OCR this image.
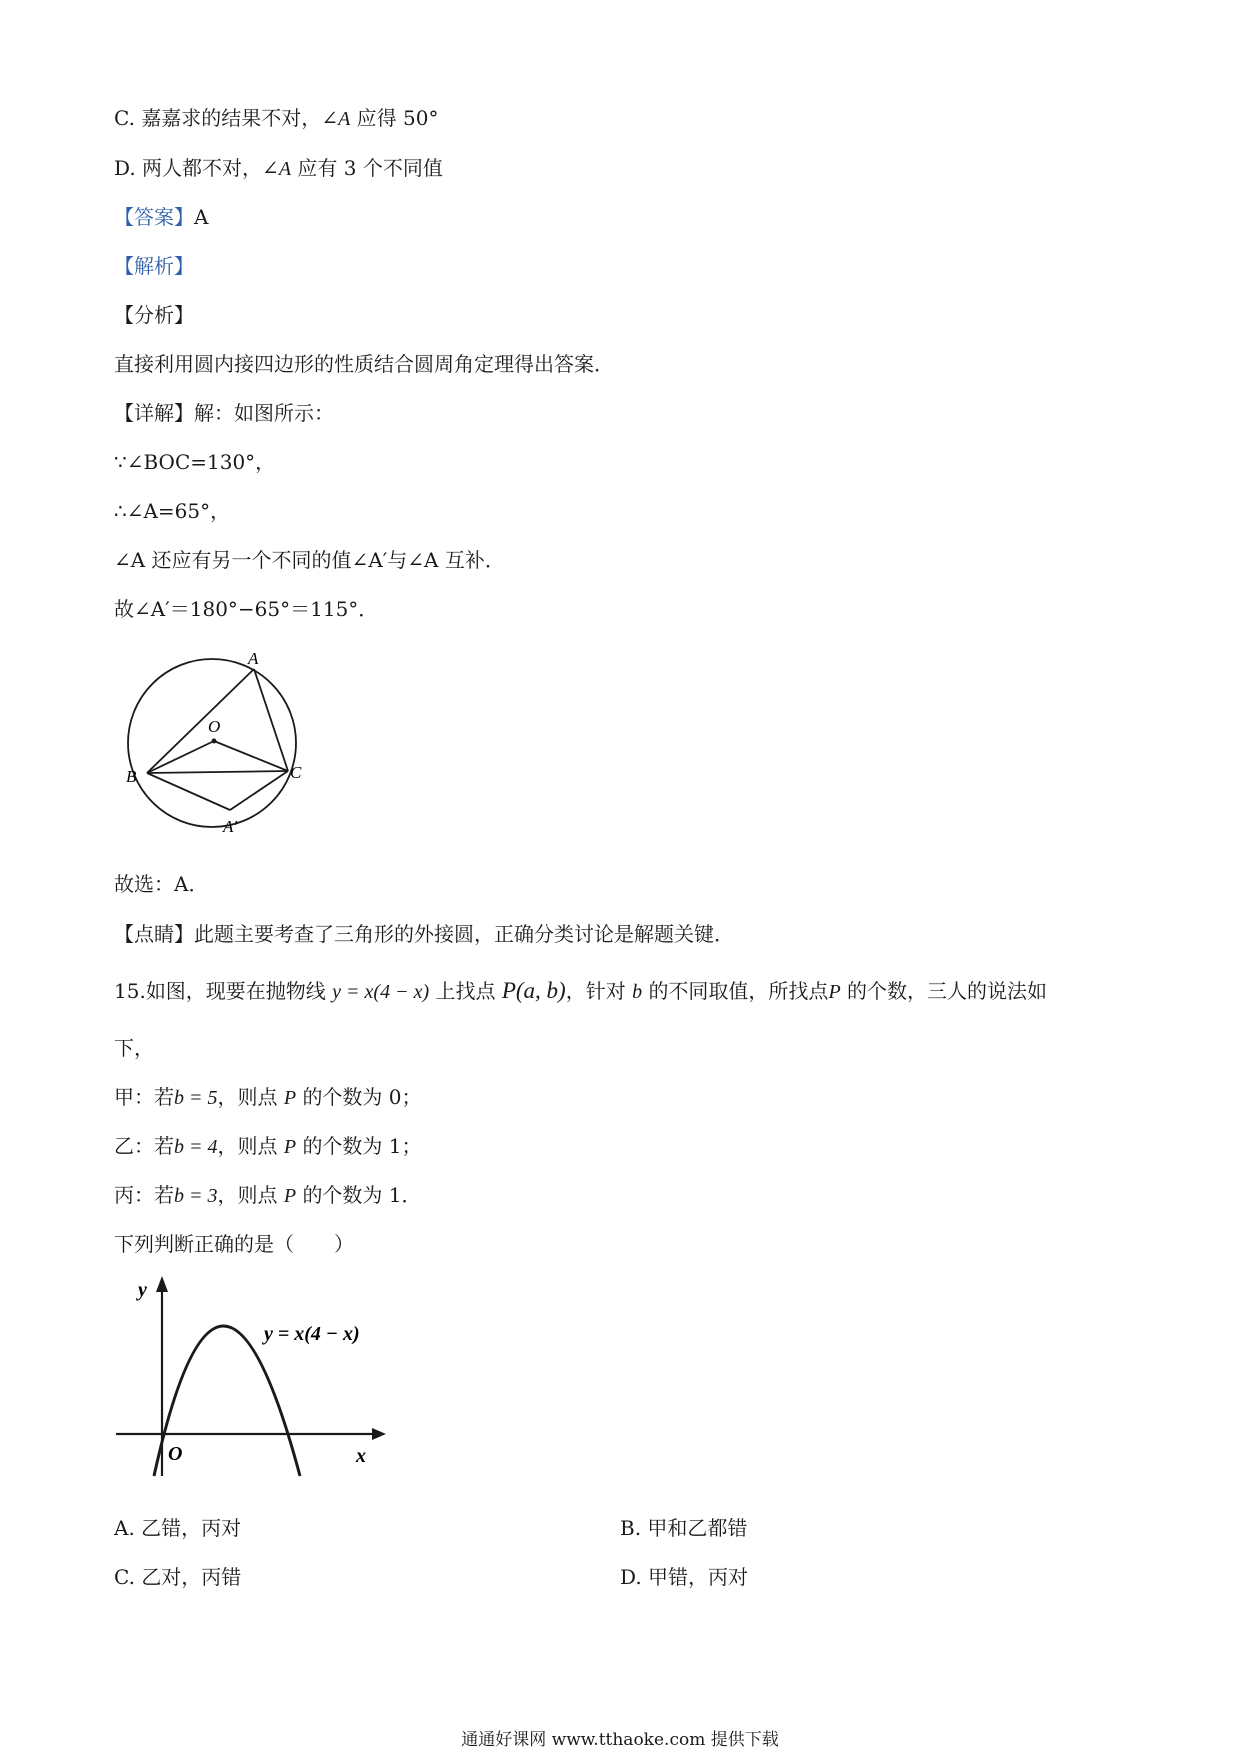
C. 嘉嘉求的结果不对，∠A 应得 50°
D. 两人都不对，∠A 应有 3 个不同值
【答案】A
【解析】
【分析】
直接利用圆内接四边形的性质结合圆周角定理得出答案．
【详解】解：如图所示：
∵∠BOC=130°，
∴∠A=65°，
∠A 还应有另一个不同的值∠A′与∠A 互补．
故∠A′＝180°−65°＝115°．
A
O
B	C
A′
故选：A．
【点睛】此题主要考查了三角形的外接圆，正确分类讨论是解题关键．
15.如图，现要在抛物线 y = x(4 − x) 上找点 P(a, b)，针对 b 的不同取值，所找点P 的个数，三人的说法如
下，
甲：若b = 5，则点 P 的个数为 0；
乙：若b = 4，则点 P 的个数为 1；
丙：若b = 3，则点 P 的个数为 1．
下列判断正确的是（　　）
y
x
O
y = x(4 − x)
A. 乙错，丙对	B. 甲和乙都错
C. 乙对，丙错	D. 甲错，丙对
通通好课网 www.tthaoke.com 提供下载
